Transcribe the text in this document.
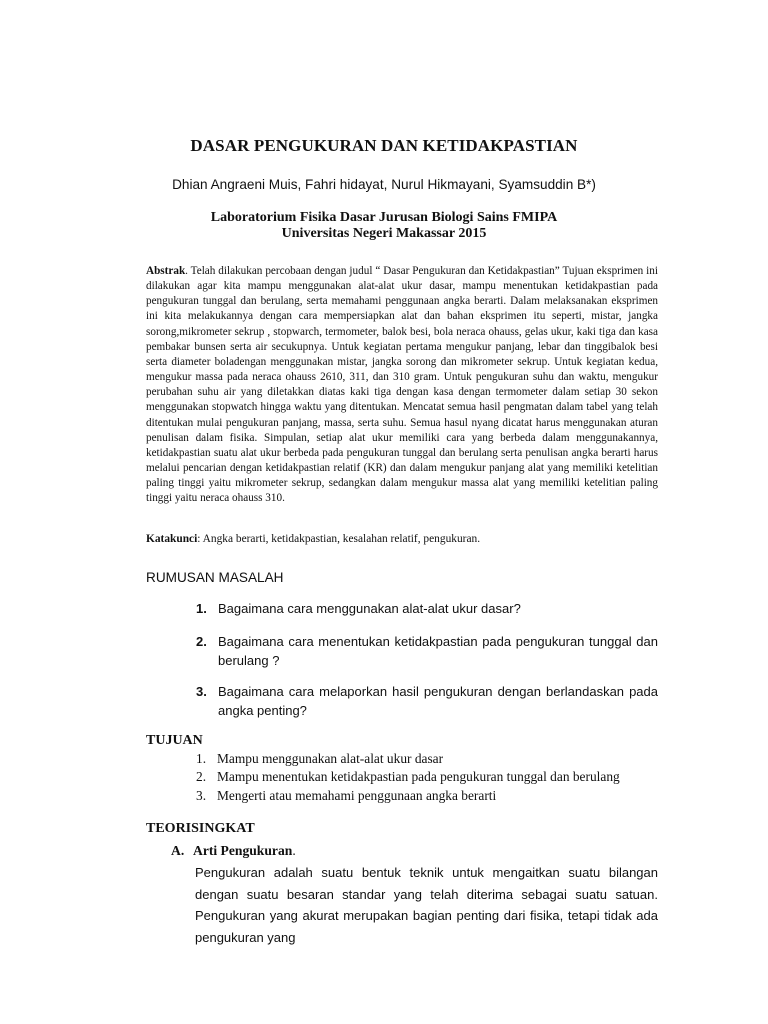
DASAR PENGUKURAN DAN KETIDAKPASTIAN
Dhian Angraeni Muis, Fahri hidayat, Nurul Hikmayani, Syamsuddin B*)
Laboratorium Fisika Dasar Jurusan Biologi Sains FMIPA
Universitas Negeri Makassar 2015
Abstrak. Telah dilakukan percobaan dengan judul “ Dasar Pengukuran dan Ketidakpastian” Tujuan eksprimen ini dilakukan agar kita mampu menggunakan alat-alat ukur dasar, mampu menentukan ketidakpastian pada pengukuran tunggal dan berulang, serta memahami penggunaan angka berarti. Dalam melaksanakan eksprimen ini kita melakukannya dengan cara mempersiapkan alat dan bahan eksprimen itu seperti, mistar, jangka sorong,mikrometer sekrup , stopwarch, termometer, balok besi, bola neraca ohauss, gelas ukur, kaki tiga dan kasa pembakar bunsen serta air secukupnya. Untuk kegiatan pertama mengukur panjang, lebar dan tinggibalok besi serta diameter boladengan menggunakan mistar, jangka sorong dan mikrometer sekrup. Untuk kegiatan kedua, mengukur massa pada neraca ohauss 2610, 311, dan 310 gram. Untuk pengukuran suhu dan waktu, mengukur perubahan suhu air yang diletakkan diatas kaki tiga dengan kasa dengan termometer dalam setiap 30 sekon menggunakan stopwatch hingga waktu yang ditentukan. Mencatat semua hasil pengmatan dalam tabel yang telah ditentukan mulai pengukuran panjang, massa, serta suhu. Semua hasul nyang dicatat harus menggunakan aturan penulisan dalam fisika. Simpulan, setiap alat ukur memiliki cara yang berbeda dalam menggunakannya, ketidakpastian suatu alat ukur berbeda pada pengukuran tunggal dan berulang serta penulisan angka berarti harus melalui pencarian dengan ketidakpastian relatif (KR) dan dalam mengukur panjang alat yang memiliki ketelitian paling tinggi yaitu mikrometer sekrup, sedangkan dalam mengukur massa alat yang memiliki ketelitian paling tinggi yaitu neraca ohauss 310.
Katakunci: Angka berarti, ketidakpastian, kesalahan relatif, pengukuran.
RUMUSAN MASALAH
1. Bagaimana cara menggunakan alat-alat ukur dasar?
2. Bagaimana cara menentukan ketidakpastian pada pengukuran tunggal dan berulang ?
3. Bagaimana cara melaporkan hasil pengukuran dengan berlandaskan pada angka penting?
TUJUAN
1. Mampu menggunakan alat-alat ukur dasar
2. Mampu menentukan ketidakpastian pada pengukuran tunggal dan berulang
3. Mengerti atau memahami penggunaan angka berarti
TEORISINGKAT
A. Arti Pengukuran.
Pengukuran adalah suatu bentuk teknik untuk mengaitkan suatu bilangan dengan suatu besaran standar yang telah diterima sebagai suatu satuan. Pengukuran yang akurat merupakan bagian penting dari fisika, tetapi tidak ada pengukuran yang
